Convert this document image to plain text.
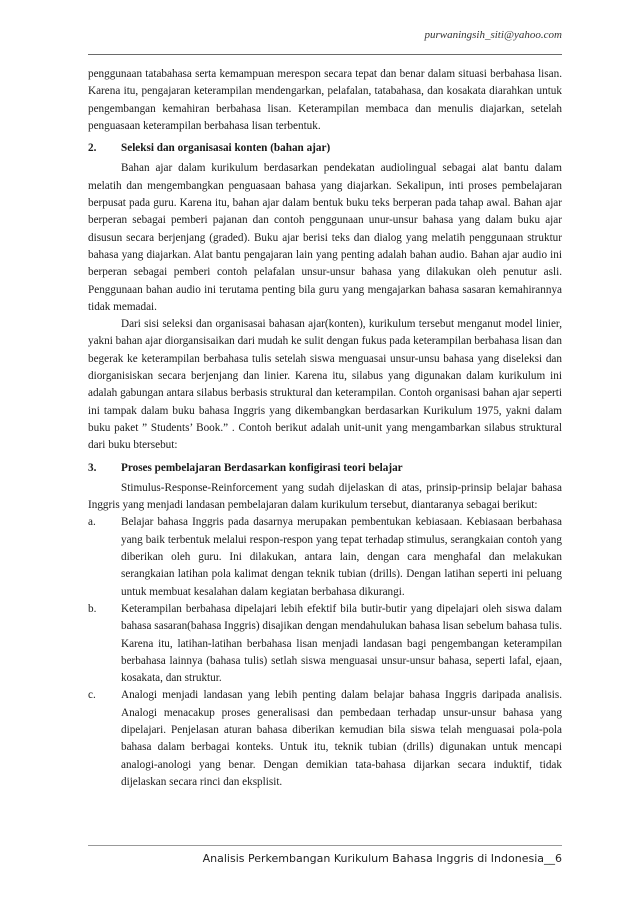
purwaningsih_siti@yahoo.com

penggunaan tatabahasa serta kemampuan merespon secara tepat dan benar dalam situasi berbahasa lisan. Karena itu, pengajaran keterampilan mendengarkan, pelafalan, tatabahasa, dan kosakata diarahkan untuk pengembangan kemahiran berbahasa lisan. Keterampilan membaca dan menulis diajarkan, setelah penguasaan keterampilan berbahasa lisan terbentuk.

2.	Seleksi dan organisasai konten (bahan ajar)

Bahan ajar dalam kurikulum berdasarkan pendekatan audiolingual sebagai alat bantu dalam melatih dan mengembangkan penguasaan bahasa yang diajarkan. Sekalipun, inti proses pembelajaran berpusat pada guru. Karena itu, bahan ajar dalam bentuk buku teks berperan pada tahap awal. Bahan ajar berperan sebagai pemberi pajanan dan contoh penggunaan unur-unsur bahasa yang dalam buku ajar disusun secara berjenjang (graded). Buku ajar berisi teks dan dialog yang melatih penggunaan struktur bahasa yang diajarkan. Alat bantu pengajaran lain yang penting adalah bahan audio. Bahan ajar audio ini berperan sebagai pemberi contoh pelafalan unsur-unsur bahasa yang dilakukan oleh penutur asli. Penggunaan bahan audio ini terutama penting bila guru yang mengajarkan bahasa sasaran kemahirannya tidak memadai.

Dari sisi seleksi dan organisasai bahasan ajar(konten), kurikulum tersebut menganut model linier, yakni bahan ajar diorgansisaikan dari mudah ke sulit dengan fukus pada keterampilan berbahasa lisan dan begerak ke keterampilan berbahasa tulis setelah siswa menguasai unsur-unsu bahasa yang diseleksi dan diorganisiskan secara berjenjang dan linier. Karena itu, silabus yang digunakan dalam kurikulum ini adalah gabungan antara silabus berbasis struktural dan keterampilan. Contoh organisasi bahan ajar seperti ini tampak dalam buku bahasa Inggris yang dikembangkan berdasarkan Kurikulum 1975, yakni dalam buku paket ” Students’ Book.” . Contoh berikut adalah unit-unit yang mengambarkan silabus struktural dari buku btersebut:

3.	Proses pembelajaran Berdasarkan konfigirasi teori belajar

Stimulus-Response-Reinforcement yang sudah dijelaskan di atas, prinsip-prinsip belajar bahasa Inggris yang menjadi landasan pembelajaran dalam kurikulum tersebut, diantaranya sebagai berikut:

a.	Belajar bahasa Inggris pada dasarnya merupakan pembentukan kebiasaan. Kebiasaan berbahasa yang baik terbentuk melalui respon-respon yang tepat terhadap stimulus, serangkaian contoh yang diberikan oleh guru. Ini dilakukan, antara lain, dengan cara menghafal dan melakukan serangkaian latihan pola kalimat dengan teknik tubian (drills). Dengan latihan seperti ini peluang untuk membuat kesalahan dalam kegiatan berbahasa dikurangi.
b.	Keterampilan berbahasa dipelajari lebih efektif bila butir-butir yang dipelajari oleh siswa dalam bahasa sasaran(bahasa Inggris) disajikan dengan mendahulukan bahasa lisan sebelum bahasa tulis. Karena itu, latihan-latihan berbahasa lisan menjadi landasan bagi pengembangan keterampilan berbahasa lainnya (bahasa tulis) setlah siswa menguasai unsur-unsur bahasa, seperti lafal, ejaan, kosakata, dan struktur.
c.	Analogi menjadi landasan yang lebih penting dalam belajar bahasa Inggris daripada analisis. Analogi menacakup proses generalisasi dan pembedaan terhadap unsur-unsur bahasa yang dipelajari. Penjelasan aturan bahasa diberikan kemudian bila siswa telah menguasai pola-pola bahasa dalam berbagai konteks. Untuk itu, teknik tubian (drills) digunakan untuk mencapi analogi-anologi yang benar. Dengan demikian tata-bahasa dijarkan secara induktif, tidak dijelaskan secara rinci dan eksplisit.
Analisis Perkembangan Kurikulum Bahasa Inggris di Indonesia__6
